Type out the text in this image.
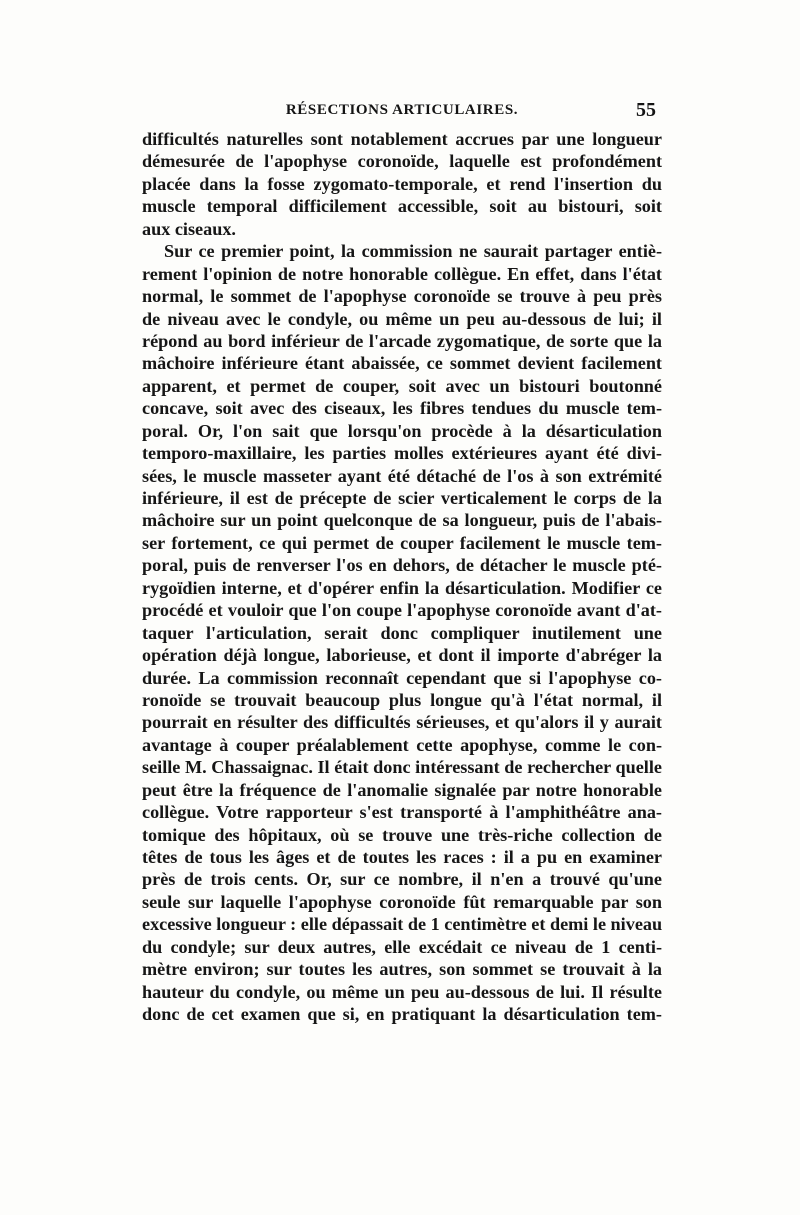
RÉSECTIONS ARTICULAIRES.	55
difficultés naturelles sont notablement accrues par une longueur
démesurée de l'apophyse coronoïde, laquelle est profondément
placée dans la fosse zygomato-temporale, et rend l'insertion du
muscle temporal difficilement accessible, soit au bistouri, soit
aux ciseaux.
Sur ce premier point, la commission ne saurait partager entiè-
rement l'opinion de notre honorable collègue. En effet, dans l'état
normal, le sommet de l'apophyse coronoïde se trouve à peu près
de niveau avec le condyle, ou même un peu au-dessous de lui; il
répond au bord inférieur de l'arcade zygomatique, de sorte que la
mâchoire inférieure étant abaissée, ce sommet devient facilement
apparent, et permet de couper, soit avec un bistouri boutonné
concave, soit avec des ciseaux, les fibres tendues du muscle tem-
poral. Or, l'on sait que lorsqu'on procède à la désarticulation
temporo-maxillaire, les parties molles extérieures ayant été divi-
sées, le muscle masseter ayant été détaché de l'os à son extrémité
inférieure, il est de précepte de scier verticalement le corps de la
mâchoire sur un point quelconque de sa longueur, puis de l'abais-
ser fortement, ce qui permet de couper facilement le muscle tem-
poral, puis de renverser l'os en dehors, de détacher le muscle pté-
rygoïdien interne, et d'opérer enfin la désarticulation. Modifier ce
procédé et vouloir que l'on coupe l'apophyse coronoïde avant d'at-
taquer l'articulation, serait donc compliquer inutilement une
opération déjà longue, laborieuse, et dont il importe d'abréger la
durée. La commission reconnaît cependant que si l'apophyse co-
ronoïde se trouvait beaucoup plus longue qu'à l'état normal, il
pourrait en résulter des difficultés sérieuses, et qu'alors il y aurait
avantage à couper préalablement cette apophyse, comme le con-
seille M. Chassaignac. Il était donc intéressant de rechercher quelle
peut être la fréquence de l'anomalie signalée par notre honorable
collègue. Votre rapporteur s'est transporté à l'amphithéâtre ana-
tomique des hôpitaux, où se trouve une très-riche collection de
têtes de tous les âges et de toutes les races : il a pu en examiner
près de trois cents. Or, sur ce nombre, il n'en a trouvé qu'une
seule sur laquelle l'apophyse coronoïde fût remarquable par son
excessive longueur : elle dépassait de 1 centimètre et demi le niveau
du condyle; sur deux autres, elle excédait ce niveau de 1 centi-
mètre environ; sur toutes les autres, son sommet se trouvait à la
hauteur du condyle, ou même un peu au-dessous de lui. Il résulte
donc de cet examen que si, en pratiquant la désarticulation tem-
